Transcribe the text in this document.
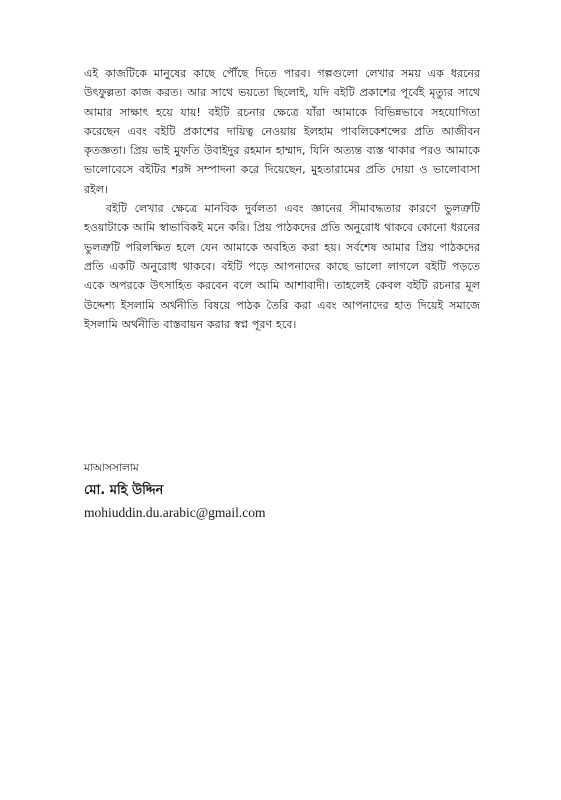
এই কাজটিকে মানুষের কাছে পৌঁছে দিতে পারব। গল্পগুলো লেখার সময় এক ধরনের উৎফুল্লতা কাজ করত। আর সাথে ভয়তো ছিলোই, যদি বইটি প্রকাশের পূর্বেই মৃত্যুর সাথে আমার সাক্ষাৎ হয়ে যায়! বইটি রচনার ক্ষেত্রে যাঁরা আমাকে বিভিন্নভাবে সহযোগিতা করেছেন এবং বইটি প্রকাশের দায়িত্ব নেওয়ায় ইলহাম পাবলিকেশন্সের প্রতি আজীবন কৃতজ্ঞতা। প্রিয় ভাই মুফতি উবাইদুর রহমান হাম্মাদ, যিনি অত্যন্ত ব্যস্ত থাকার পরও আমাকে ভালোবেসে বইটির শরঈ সম্পাদনা করে দিয়েছেন, মুহতারামের প্রতি দোয়া ও ভালোবাসা রইল।

বইটি লেখার ক্ষেত্রে মানবিক দুর্বলতা এবং জ্ঞানের সীমাবদ্ধতার কারণে ভুলত্রুটি হওয়াটাকে আমি স্বাভাবিকই মনে করি। প্রিয় পাঠকদের প্রতি অনুরোধ থাকবে কোনো ধরনের ভুলত্রুটি পরিলক্ষিত হলে যেন আমাকে অবহিত করা হয়। সর্বশেষ আমার প্রিয় পাঠকদের প্রতি একটি অনুরোধ থাকবে। বইটি পড়ে আপনাদের কাছে ভালো লাগলে বইটি পড়তে একে অপরকে উৎসাহিত করবেন বলে আমি আশাবাদী। তাহলেই কেবল বইটি রচনার মূল উদ্দেশ্য ইসলামি অর্থনীতি বিষয়ে পাঠক তৈরি করা এবং আপনাদের হাত দিয়েই সমাজে ইসলামি অর্থনীতি বাস্তবায়ন করার স্বপ্ন পূরণ হবে।

মাআসসালাম

মো. মহি উদ্দিন

mohiuddin.du.arabic@gmail.com
